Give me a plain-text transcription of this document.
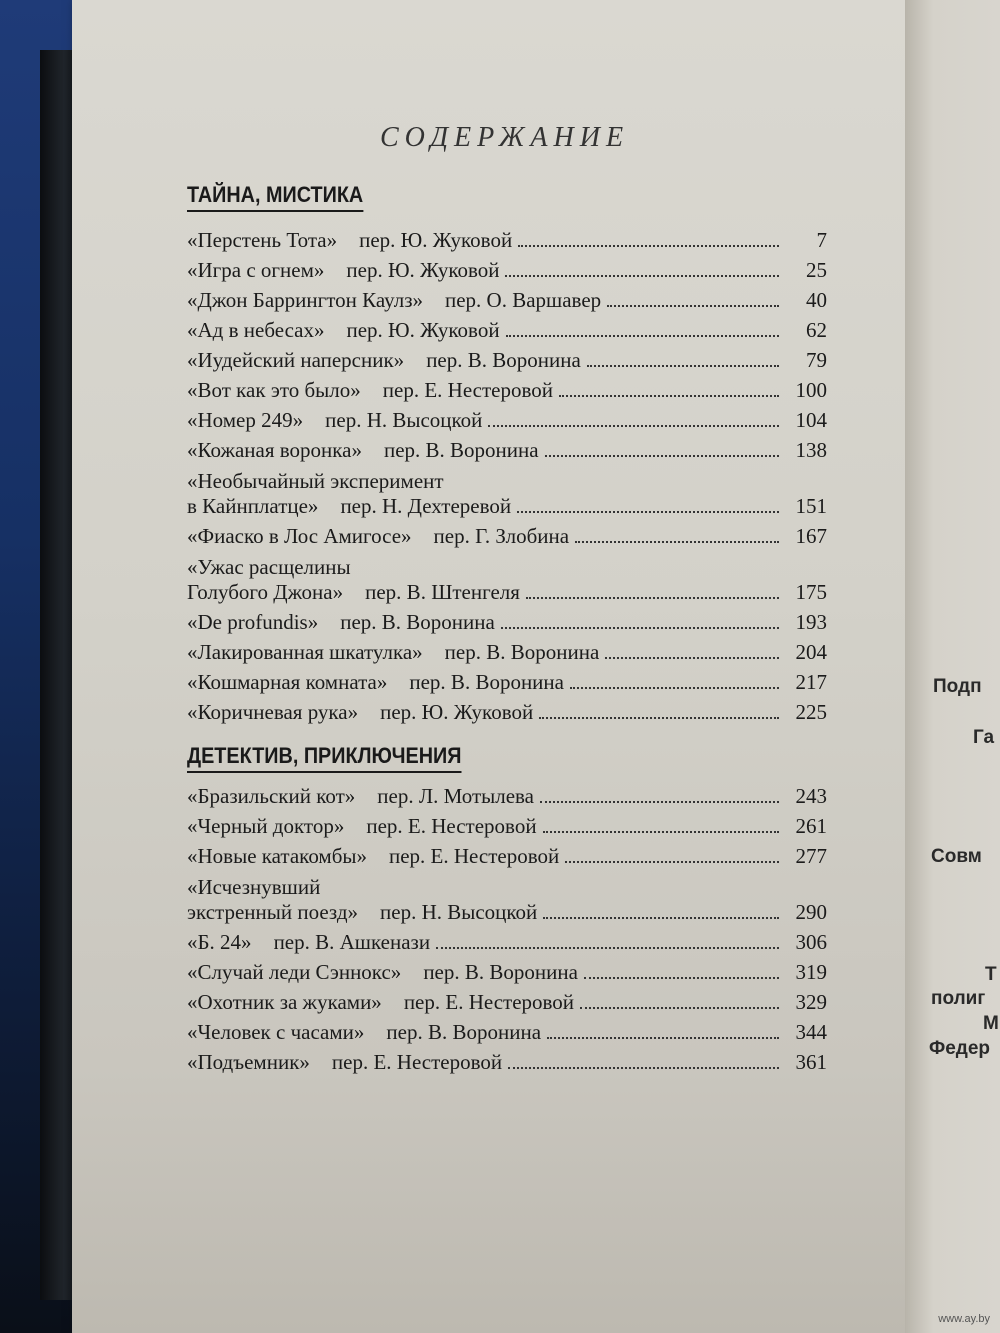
Подп
Га
Совм
Т
полиг
М
Федер
СОДЕРЖАНИЕ
ТАЙНА, МИСТИКА
«Перстень Тота» пер. Ю. Жуковой	7
«Игра с огнем» пер. Ю. Жуковой	25
«Джон Баррингтон Каулз» пер. О. Варшавер	40
«Ад в небесах» пер. Ю. Жуковой	62
«Иудейский наперсник» пер. В. Воронина	79
«Вот как это было» пер. Е. Нестеровой	100
«Номер 249» пер. Н. Высоцкой	104
«Кожаная воронка» пер. В. Воронина	138
«Необычайный эксперимент
в Кайнплатце» пер. Н. Дехтеревой	151
«Фиаско в Лос Амигосе» пер. Г. Злобина	167
«Ужас расщелины
Голубого Джона» пер. В. Штенгеля	175
«De profundis» пер. В. Воронина	193
«Лакированная шкатулка» пер. В. Воронина	204
«Кошмарная комната» пер. В. Воронина	217
«Коричневая рука» пер. Ю. Жуковой	225
ДЕТЕКТИВ, ПРИКЛЮЧЕНИЯ
«Бразильский кот» пер. Л. Мотылева	243
«Черный доктор» пер. Е. Нестеровой	261
«Новые катакомбы» пер. Е. Нестеровой	277
«Исчезнувший
экстренный поезд» пер. Н. Высоцкой	290
«Б. 24» пер. В. Ашкенази	306
«Случай леди Сэннокс» пер. В. Воронина	319
«Охотник за жуками» пер. Е. Нестеровой	329
«Человек с часами» пер. В. Воронина	344
«Подъемник» пер. Е. Нестеровой	361
www.ay.by
